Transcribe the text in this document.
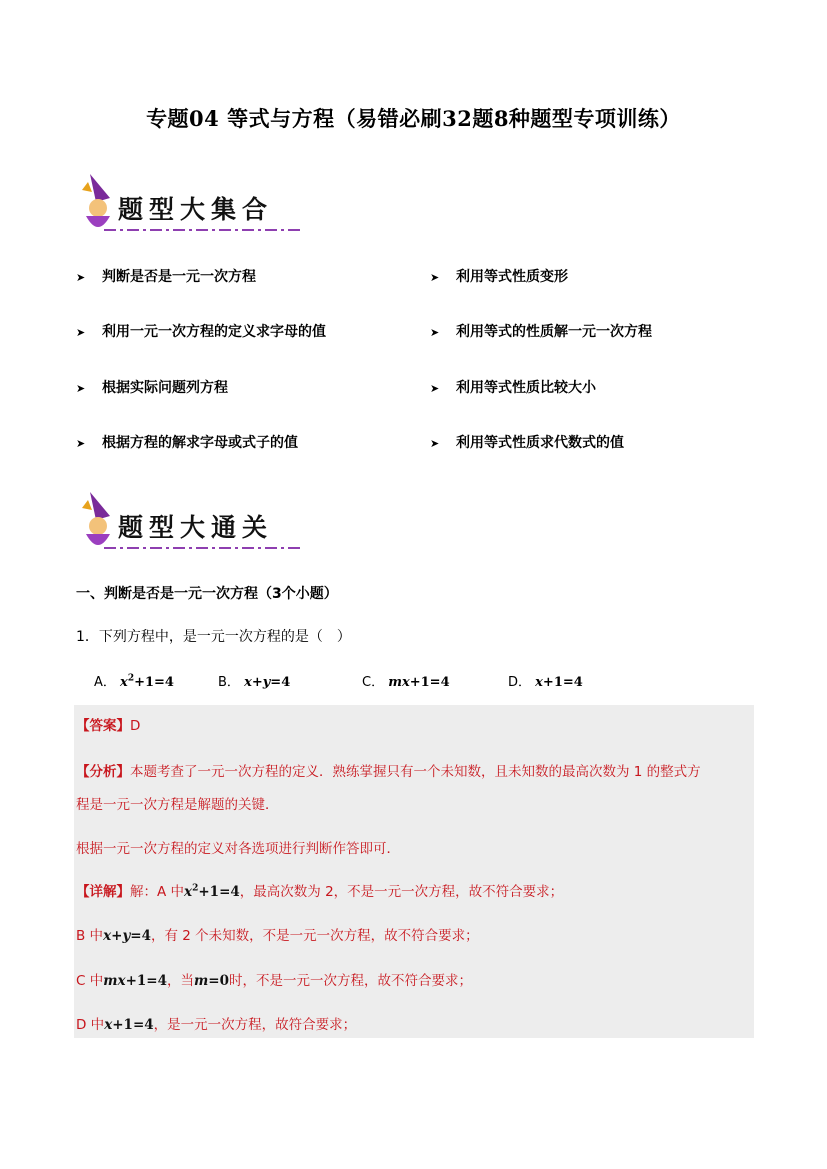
专题04 等式与方程（易错必刷32题8种题型专项训练）
题型大集合
➤ 判断是否是一元一次方程	➤ 利用等式性质变形
➤ 利用一元一次方程的定义求字母的值	➤ 利用等式的性质解一元一次方程
➤ 根据实际问题列方程	➤ 利用等式性质比较大小
➤ 根据方程的解求字母或式子的值	➤ 利用等式性质求代数式的值
题型大通关
一、判断是否是一元一次方程（3个小题）
1．下列方程中，是一元一次方程的是（　）
A． $x^2+1=4$	B． x+y=4	C． mx+1=4	D． x+1=4
【答案】D
【分析】本题考查了一元一次方程的定义．熟练掌握只有一个未知数，且未知数的最高次数为 1 的整式方
程是一元一次方程是解题的关键．
根据一元一次方程的定义对各选项进行判断作答即可．
【详解】解：A 中$x^2+1=4$，最高次数为 2，不是一元一次方程，故不符合要求；
B 中x+y=4，有 2 个未知数，不是一元一次方程，故不符合要求；
C 中mx+1=4，当m=0时，不是一元一次方程，故不符合要求；
D 中x+1=4，是一元一次方程，故符合要求；
